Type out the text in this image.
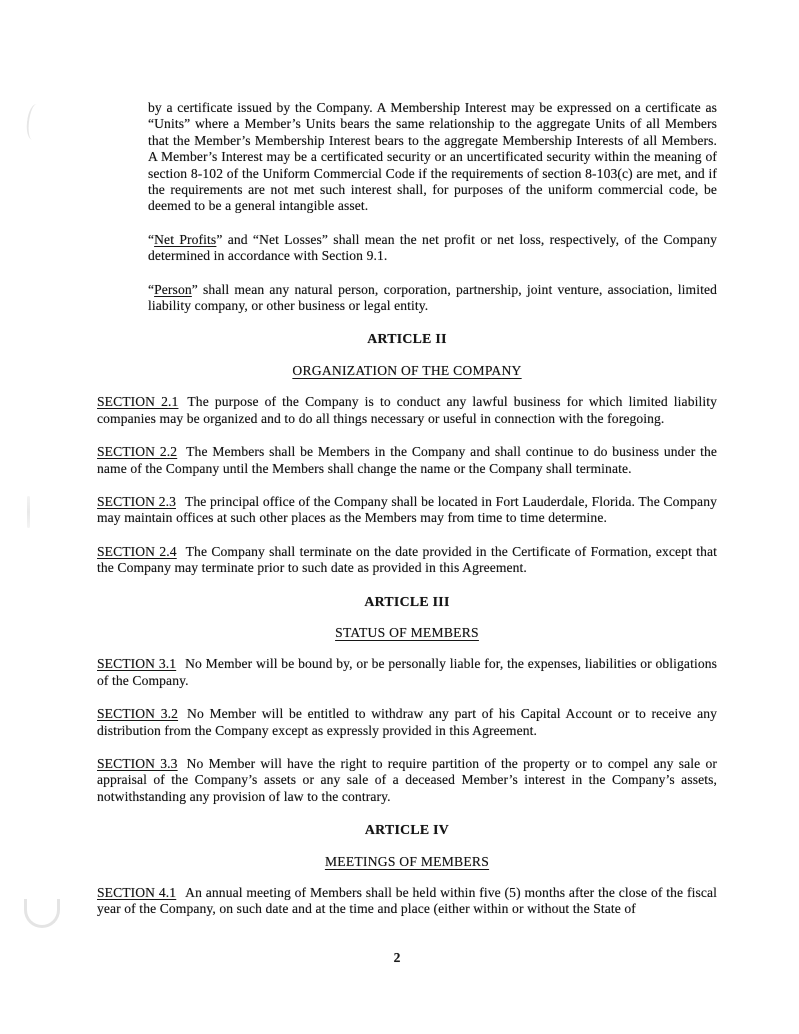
by a certificate issued by the Company. A Membership Interest may be expressed on a certificate as “Units” where a Member’s Units bears the same relationship to the aggregate Units of all Members that the Member’s Membership Interest bears to the aggregate Membership Interests of all Members. A Member’s Interest may be a certificated security or an uncertificated security within the meaning of section 8-102 of the Uniform Commercial Code if the requirements of section 8-103(c) are met, and if the requirements are not met such interest shall, for purposes of the uniform commercial code, be deemed to be a general intangible asset.

“Net Profits” and “Net Losses” shall mean the net profit or net loss, respectively, of the Company determined in accordance with Section 9.1.

“Person” shall mean any natural person, corporation, partnership, joint venture, association, limited liability company, or other business or legal entity.

ARTICLE II
ORGANIZATION OF THE COMPANY

SECTION 2.1 The purpose of the Company is to conduct any lawful business for which limited liability companies may be organized and to do all things necessary or useful in connection with the foregoing.

SECTION 2.2 The Members shall be Members in the Company and shall continue to do business under the name of the Company until the Members shall change the name or the Company shall terminate.

SECTION 2.3 The principal office of the Company shall be located in Fort Lauderdale, Florida. The Company may maintain offices at such other places as the Members may from time to time determine.

SECTION 2.4 The Company shall terminate on the date provided in the Certificate of Formation, except that the Company may terminate prior to such date as provided in this Agreement.

ARTICLE III
STATUS OF MEMBERS

SECTION 3.1 No Member will be bound by, or be personally liable for, the expenses, liabilities or obligations of the Company.

SECTION 3.2 No Member will be entitled to withdraw any part of his Capital Account or to receive any distribution from the Company except as expressly provided in this Agreement.

SECTION 3.3 No Member will have the right to require partition of the property or to compel any sale or appraisal of the Company’s assets or any sale of a deceased Member’s interest in the Company’s assets, notwithstanding any provision of law to the contrary.

ARTICLE IV
MEETINGS OF MEMBERS

SECTION 4.1 An annual meeting of Members shall be held within five (5) months after the close of the fiscal year of the Company, on such date and at the time and place (either within or without the State of

2
